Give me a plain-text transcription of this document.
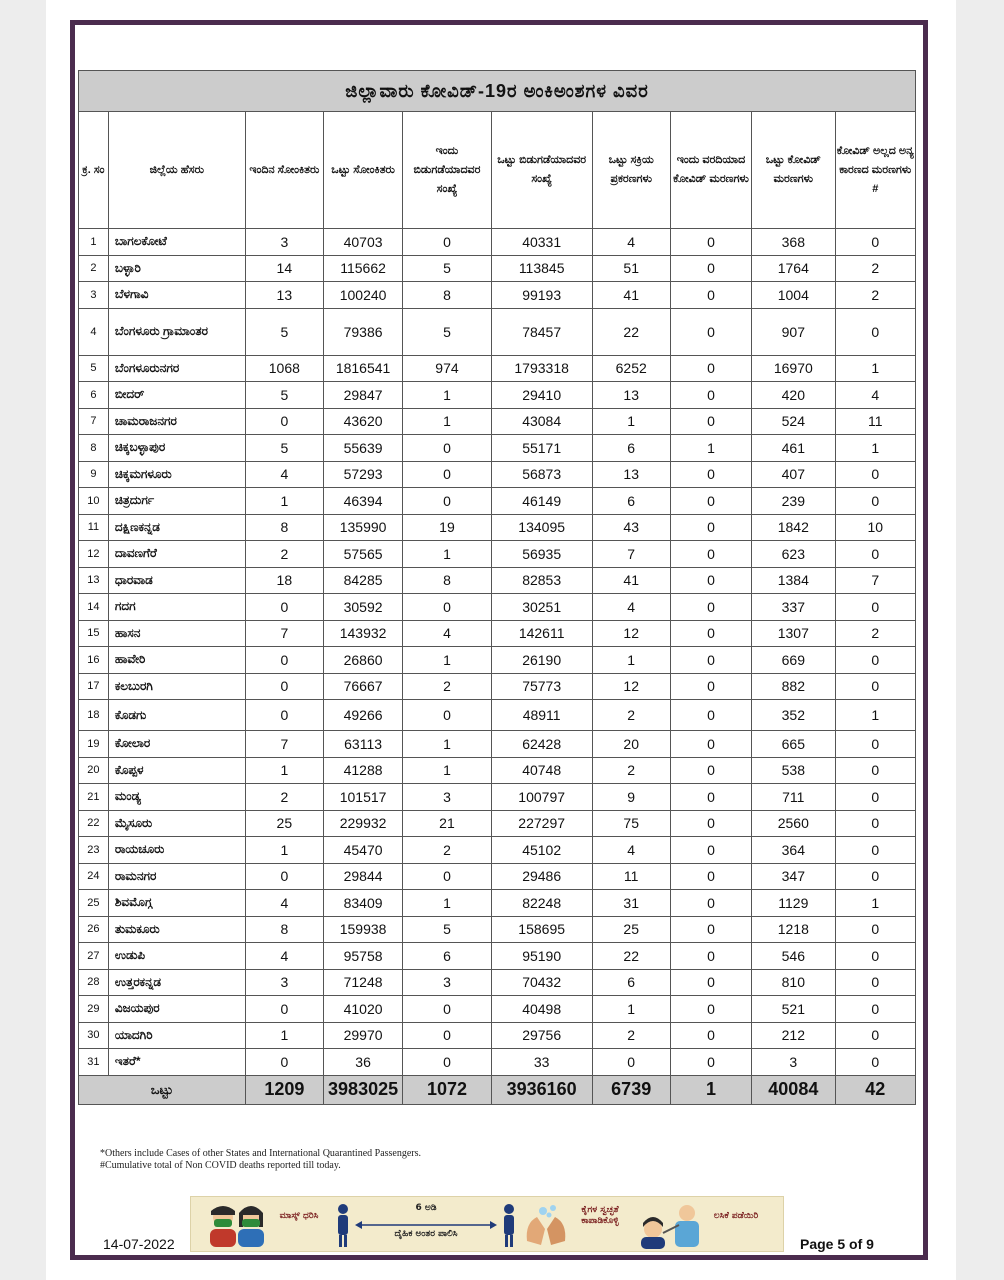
ಜಿಲ್ಲಾವಾರು ಕೋವಿಡ್-19ರ ಅಂಕಿಅಂಶಗಳ ವಿವರ									
ಕ್ರ. ಸಂ	ಜಿಲ್ಲೆಯ ಹೆಸರು	ಇಂದಿನ ಸೋಂಕಿತರು	ಒಟ್ಟು ಸೋಂಕಿತರು	ಇಂದು ಬಿಡುಗಡೆಯಾದವರ ಸಂಖ್ಯೆ	ಒಟ್ಟು ಬಿಡುಗಡೆಯಾದವರ ಸಂಖ್ಯೆ	ಒಟ್ಟು ಸಕ್ರಿಯ ಪ್ರಕರಣಗಳು	ಇಂದು ವರದಿಯಾದ ಕೋವಿಡ್ ಮರಣಗಳು	ಒಟ್ಟು ಕೋವಿಡ್ ಮರಣಗಳು	ಕೋವಿಡ್ ಅಲ್ಲದ ಅನ್ಯ ಕಾರಣದ ಮರಣಗಳು #
1	ಬಾಗಲಕೋಟೆ	3	40703	0	40331	4	0	368	0
2	ಬಳ್ಳಾರಿ	14	115662	5	113845	51	0	1764	2
3	ಬೆಳಗಾವಿ	13	100240	8	99193	41	0	1004	2
4	ಬೆಂಗಳೂರು ಗ್ರಾಮಾಂತರ	5	79386	5	78457	22	0	907	0
5	ಬೆಂಗಳೂರುನಗರ	1068	1816541	974	1793318	6252	0	16970	1
6	ಬೀದರ್	5	29847	1	29410	13	0	420	4
7	ಚಾಮರಾಜನಗರ	0	43620	1	43084	1	0	524	11
8	ಚಿಕ್ಕಬಳ್ಳಾಪುರ	5	55639	0	55171	6	1	461	1
9	ಚಿಕ್ಕಮಗಳೂರು	4	57293	0	56873	13	0	407	0
10	ಚಿತ್ರದುರ್ಗ	1	46394	0	46149	6	0	239	0
11	ದಕ್ಷಿಣಕನ್ನಡ	8	135990	19	134095	43	0	1842	10
12	ದಾವಣಗೆರೆ	2	57565	1	56935	7	0	623	0
13	ಧಾರವಾಡ	18	84285	8	82853	41	0	1384	7
14	ಗದಗ	0	30592	0	30251	4	0	337	0
15	ಹಾಸನ	7	143932	4	142611	12	0	1307	2
16	ಹಾವೇರಿ	0	26860	1	26190	1	0	669	0
17	ಕಲಬುರಗಿ	0	76667	2	75773	12	0	882	0
18	ಕೊಡಗು	0	49266	0	48911	2	0	352	1
19	ಕೋಲಾರ	7	63113	1	62428	20	0	665	0
20	ಕೊಪ್ಪಳ	1	41288	1	40748	2	0	538	0
21	ಮಂಡ್ಯ	2	101517	3	100797	9	0	711	0
22	ಮೈಸೂರು	25	229932	21	227297	75	0	2560	0
23	ರಾಯಚೂರು	1	45470	2	45102	4	0	364	0
24	ರಾಮನಗರ	0	29844	0	29486	11	0	347	0
25	ಶಿವಮೊಗ್ಗ	4	83409	1	82248	31	0	1129	1
26	ತುಮಕೂರು	8	159938	5	158695	25	0	1218	0
27	ಉಡುಪಿ	4	95758	6	95190	22	0	546	0
28	ಉತ್ತರಕನ್ನಡ	3	71248	3	70432	6	0	810	0
29	ವಿಜಯಪುರ	0	41020	0	40498	1	0	521	0
30	ಯಾದಗಿರಿ	1	29970	0	29756	2	0	212	0
31	ಇತರೆ*	0	36	0	33	0	0	3	0
ಒಟ್ಟು		1209	3983025	1072	3936160	6739	1	40084	42
*Others include Cases of other States and International Quarantined Passengers.
#Cumulative total of Non COVID deaths reported till today.
ಮಾಸ್ಕ್ ಧರಿಸಿ
6 ಅಡಿ
ದೈಹಿಕ ಅಂತರ ಪಾಲಿಸಿ
ಕೈಗಳ ಸ್ವಚ್ಛತೆ ಕಾಪಾಡಿಕೊಳ್ಳಿ	ಲಸಿಕೆ ಪಡೆಯಿರಿ
14-07-2022	Page 5 of 9
